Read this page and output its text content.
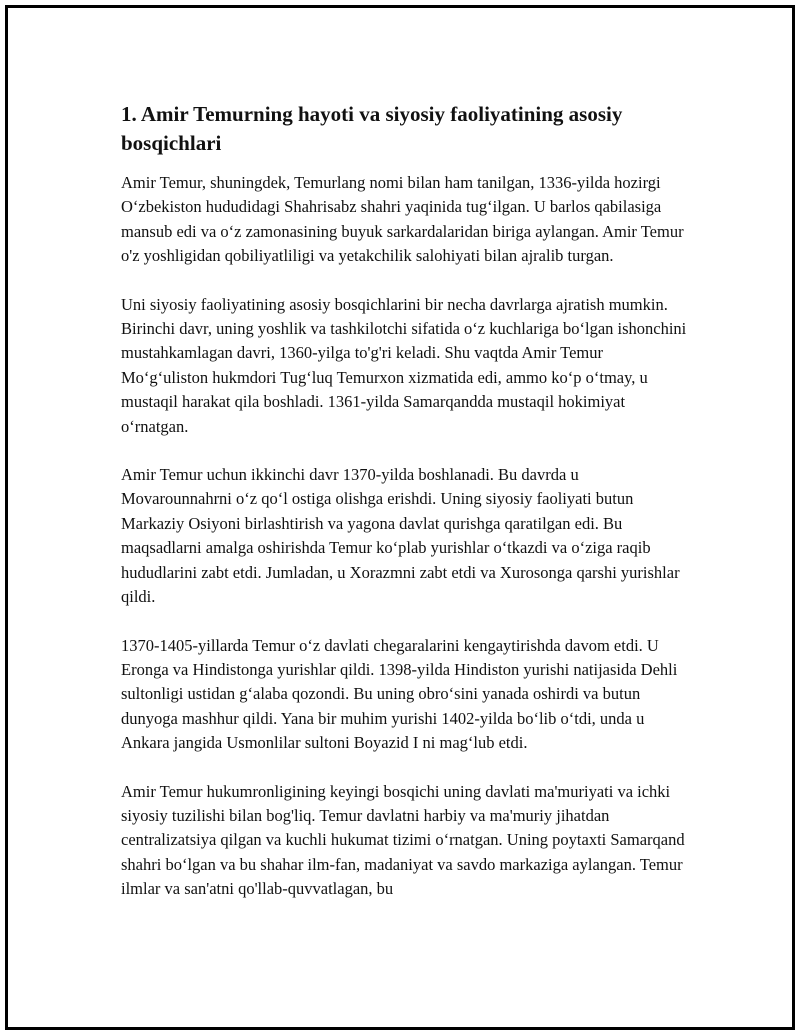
1. Amir Temurning hayoti va siyosiy faoliyatining asosiy bosqichlari

Amir Temur, shuningdek, Temurlang nomi bilan ham tanilgan, 1336-yilda hozirgi O‘zbekiston hududidagi Shahrisabz shahri yaqinida tug‘ilgan. U barlos qabilasiga mansub edi va o‘z zamonasining buyuk sarkardalaridan biriga aylangan. Amir Temur o'z yoshligidan qobiliyatliligi va yetakchilik salohiyati bilan ajralib turgan.

Uni siyosiy faoliyatining asosiy bosqichlarini bir necha davrlarga ajratish mumkin. Birinchi davr, uning yoshlik va tashkilotchi sifatida o‘z kuchlariga bo‘lgan ishonchini mustahkamlagan davri, 1360-yilga to'g'ri keladi. Shu vaqtda Amir Temur Mo‘g‘uliston hukmdori Tug‘luq Temurxon xizmatida edi, ammo ko‘p o‘tmay, u mustaqil harakat qila boshladi. 1361-yilda Samarqandda mustaqil hokimiyat o‘rnatgan.

Amir Temur uchun ikkinchi davr 1370-yilda boshlanadi. Bu davrda u Movarounnahrni o‘z qo‘l ostiga olishga erishdi. Uning siyosiy faoliyati butun Markaziy Osiyoni birlashtirish va yagona davlat qurishga qaratilgan edi. Bu maqsadlarni amalga oshirishda Temur ko‘plab yurishlar o‘tkazdi va o‘ziga raqib hududlarini zabt etdi. Jumladan, u Xorazmni zabt etdi va Xurosonga qarshi yurishlar qildi.

1370-1405-yillarda Temur o‘z davlati chegaralarini kengaytirishda davom etdi. U Eronga va Hindistonga yurishlar qildi. 1398-yilda Hindiston yurishi natijasida Dehli sultonligi ustidan g‘alaba qozondi. Bu uning obro‘sini yanada oshirdi va butun dunyoga mashhur qildi. Yana bir muhim yurishi 1402-yilda bo‘lib o‘tdi, unda u Ankara jangida Usmonlilar sultoni Boyazid I ni mag‘lub etdi.

Amir Temur hukumronligining keyingi bosqichi uning davlati ma'muriyati va ichki siyosiy tuzilishi bilan bog'liq. Temur davlatni harbiy va ma'muriy jihatdan centralizatsiya qilgan va kuchli hukumat tizimi o‘rnatgan. Uning poytaxti Samarqand shahri bo‘lgan va bu shahar ilm-fan, madaniyat va savdo markaziga aylangan. Temur ilmlar va san'atni qo'llab-quvvatlagan, bu
